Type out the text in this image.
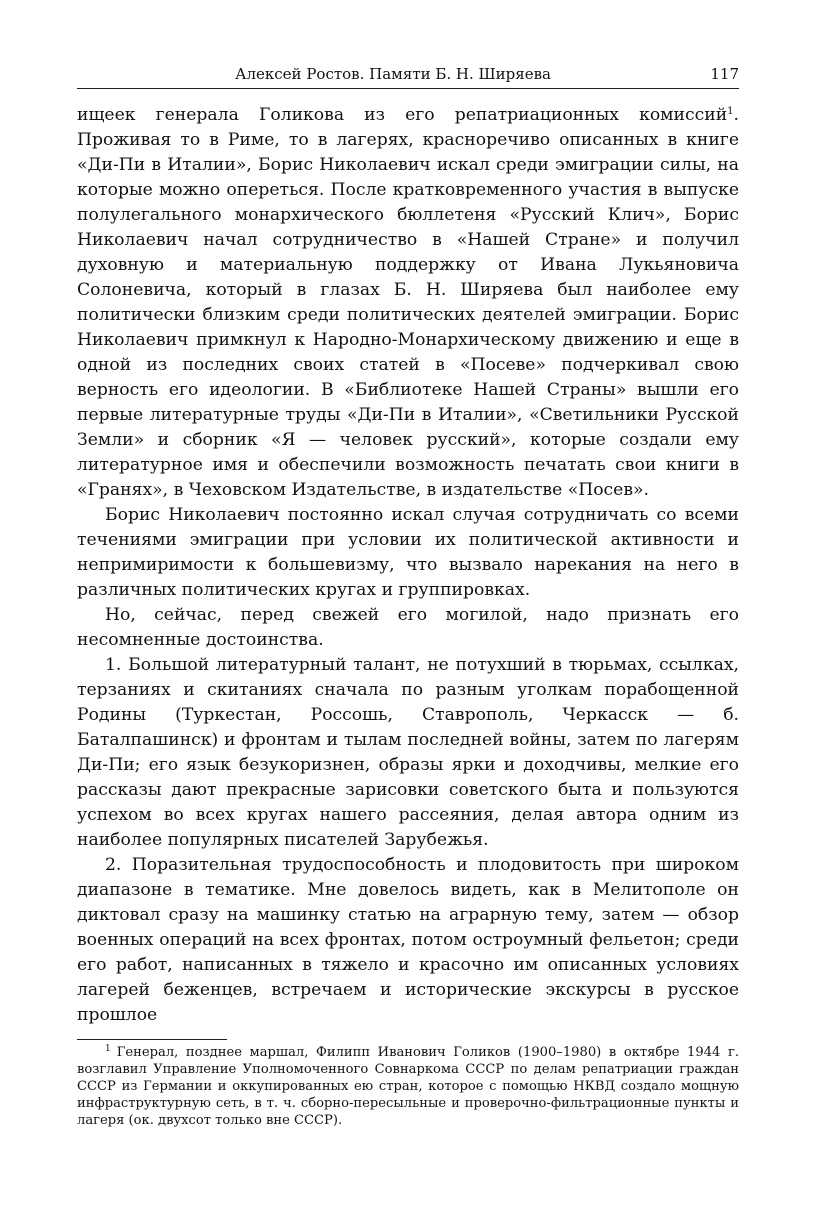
Алексей Ростов. Памяти Б. Н. Ширяева	117

ищеек генерала Голикова из его репатриационных комиссий$^1$. Проживая то в Риме, то в лагерях, красноречиво описанных в книге «Ди-Пи в Италии», Борис Николаевич искал среди эмиграции силы, на которые можно опереться. После кратковременного участия в выпуске полулегального монархического бюллетеня «Русский Клич», Борис Николаевич начал сотрудничество в «Нашей Стране» и получил духовную и материальную поддержку от Ивана Лукьяновича Солоневича, который в глазах Б. Н. Ширяева был наиболее ему политически близким среди политических деятелей эмиграции. Борис Николаевич примкнул к Народно-Монархическому движению и еще в одной из последних своих статей в «Посеве» подчеркивал свою верность его идеологии. В «Библиотеке Нашей Страны» вышли его первые литературные труды «Ди-Пи в Италии», «Светильники Русской Земли» и сборник «Я — человек русский», которые создали ему литературное имя и обеспечили возможность печатать свои книги в «Гранях», в Чеховском Издательстве, в издательстве «Посев».

Борис Николаевич постоянно искал случая сотрудничать со всеми течениями эмиграции при условии их политической активности и непримиримости к большевизму, что вызвало нарекания на него в различных политических кругах и группировках.

Но, сейчас, перед свежей его могилой, надо признать его несомненные достоинства.

1. Большой литературный талант, не потухший в тюрьмах, ссылках, терзаниях и скитаниях сначала по разным уголкам порабощенной Родины (Туркестан, Россошь, Ставрополь, Черкасск — б. Баталпашинск) и фронтам и тылам последней войны, затем по лагерям Ди-Пи; его язык безукоризнен, образы ярки и доходчивы, мелкие его рассказы дают прекрасные зарисовки советского быта и пользуются успехом во всех кругах нашего рассеяния, делая автора одним из наиболее популярных писателей Зарубежья.

2. Поразительная трудоспособность и плодовитость при широком диапазоне в тематике. Мне довелось видеть, как в Мелитополе он диктовал сразу на машинку статью на аграрную тему, затем — обзор военных операций на всех фронтах, потом остроумный фельетон; среди его работ, написанных в тяжело и красочно им описанных условиях лагерей беженцев, встречаем и исторические экскурсы в русское прошлое

$^1$ Генерал, позднее маршал, Филипп Иванович Голиков (1900–1980) в октябре 1944 г. возглавил Управление Уполномоченного Совнаркома СССР по делам репатриации граждан СССР из Германии и оккупированных ею стран, которое с помощью НКВД создало мощную инфраструктурную сеть, в т. ч. сборно-пересыльные и проверочно-фильтрационные пункты и лагеря (ок. двухсот только вне СССР).
